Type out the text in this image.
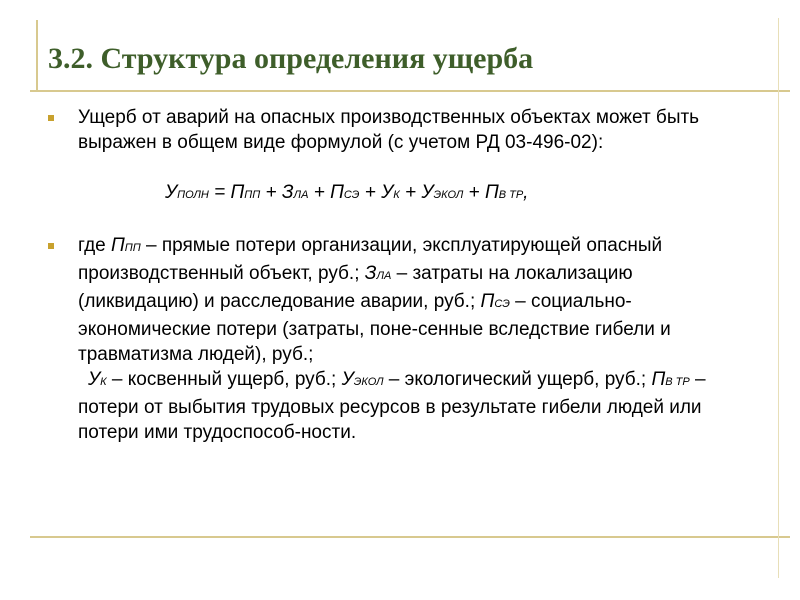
3.2. Структура определения ущерба

Ущерб от аварий на опасных производственных объектах может быть выражен в общем виде формулой (с учетом РД 03-496-02):

УПОЛН = ППП + ЗЛА + ПСЭ + УК + УЭКОЛ + ПВ ТР,

где ППП – прямые потери организации, эксплуатирующей опасный производственный объект, руб.; ЗЛА – затраты на локализацию (ликвидацию) и расследование аварии, руб.; ПСЭ – социально-экономические потери (затраты, поне-сенные вследствие гибели и травматизма людей), руб.;

УК – косвенный ущерб, руб.; УЭКОЛ – экологический ущерб, руб.; ПВ ТР – потери от выбытия трудовых ресурсов в результате гибели людей или потери ими трудоспособ-ности.
